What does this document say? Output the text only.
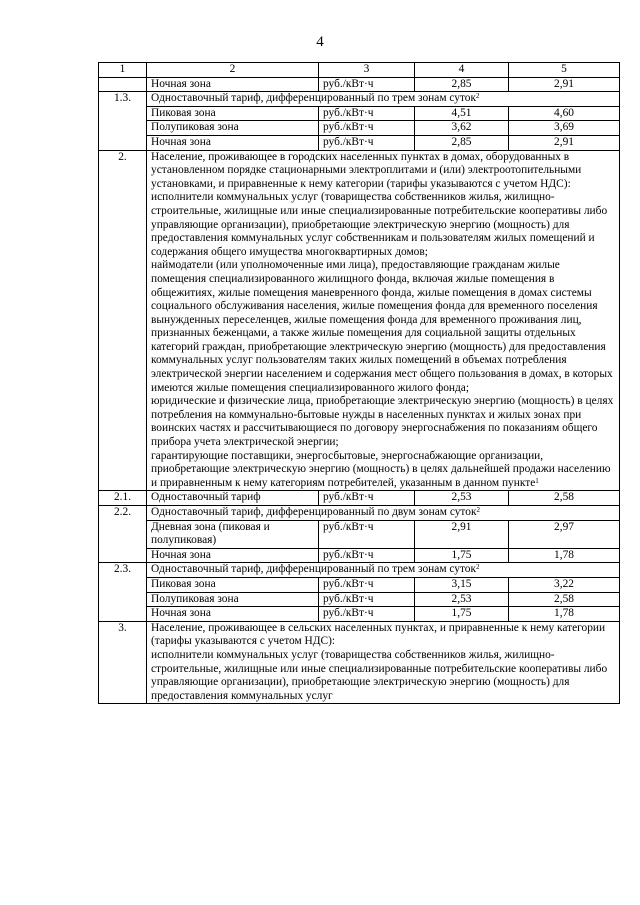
4
1	2	3	4	5
	Ночная зона	руб./кВт·ч	2,85	2,91
1.3.	Одноставочный тариф, дифференцированный по трем зонам суток$^2$
	Пиковая зона	руб./кВт·ч	4,51	4,60
	Полупиковая зона	руб./кВт·ч	3,62	3,69
	Ночная зона	руб./кВт·ч	2,85	2,91
2.	Население, проживающее в городских населенных пунктах в домах, оборудованных в установленном порядке стационарными электроплитами и (или) электроотопительными установками, и приравненные к нему категории (тарифы указываются с учетом НДС):
исполнители коммунальных услуг (товарищества собственников жилья, жилищно-строительные, жилищные или иные специализированные потребительские кооперативы либо управляющие организации), приобретающие электрическую энергию (мощность) для предоставления коммунальных услуг собственникам и пользователям жилых помещений и содержания общего имущества многоквартирных домов;
наймодатели (или уполномоченные ими лица), предоставляющие гражданам жилые помещения специализированного жилищного фонда, включая жилые помещения в общежитиях, жилые помещения маневренного фонда, жилые помещения в домах системы социального обслуживания населения, жилые помещения фонда для временного поселения вынужденных переселенцев, жилые помещения фонда для временного проживания лиц, признанных беженцами, а также жилые помещения для социальной защиты отдельных категорий граждан, приобретающие электрическую энергию (мощность) для предоставления коммунальных услуг пользователям таких жилых помещений в объемах потребления электрической энергии населением и содержания мест общего пользования в домах, в которых имеются жилые помещения специализированного жилого фонда;
юридические и физические лица, приобретающие электрическую энергию (мощность) в целях потребления на коммунально-бытовые нужды в населенных пунктах и жилых зонах при воинских частях и рассчитывающиеся по договору энергоснабжения по показаниям общего прибора учета электрической энергии;
гарантирующие поставщики, энергосбытовые, энергоснабжающие организации, приобретающие электрическую энергию (мощность) в целях дальнейшей продажи населению и приравненным к нему категориям потребителей, указанным в данном пункте$^1$
2.1.	Одноставочный тариф	руб./кВт·ч	2,53	2,58
2.2.	Одноставочный тариф, дифференцированный по двум зонам суток$^2$
	Дневная зона (пиковая и полупиковая)	руб./кВт·ч	2,91	2,97
	Ночная зона	руб./кВт·ч	1,75	1,78
2.3.	Одноставочный тариф, дифференцированный по трем зонам суток$^2$
	Пиковая зона	руб./кВт·ч	3,15	3,22
	Полупиковая зона	руб./кВт·ч	2,53	2,58
	Ночная зона	руб./кВт·ч	1,75	1,78
3.	Население, проживающее в сельских населенных пунктах, и приравненные к нему категории (тарифы указываются с учетом НДС):
исполнители коммунальных услуг (товарищества собственников жилья, жилищно-строительные, жилищные или иные специализированные потребительские кооперативы либо управляющие организации), приобретающие электрическую энергию (мощность) для предоставления коммунальных услуг			
